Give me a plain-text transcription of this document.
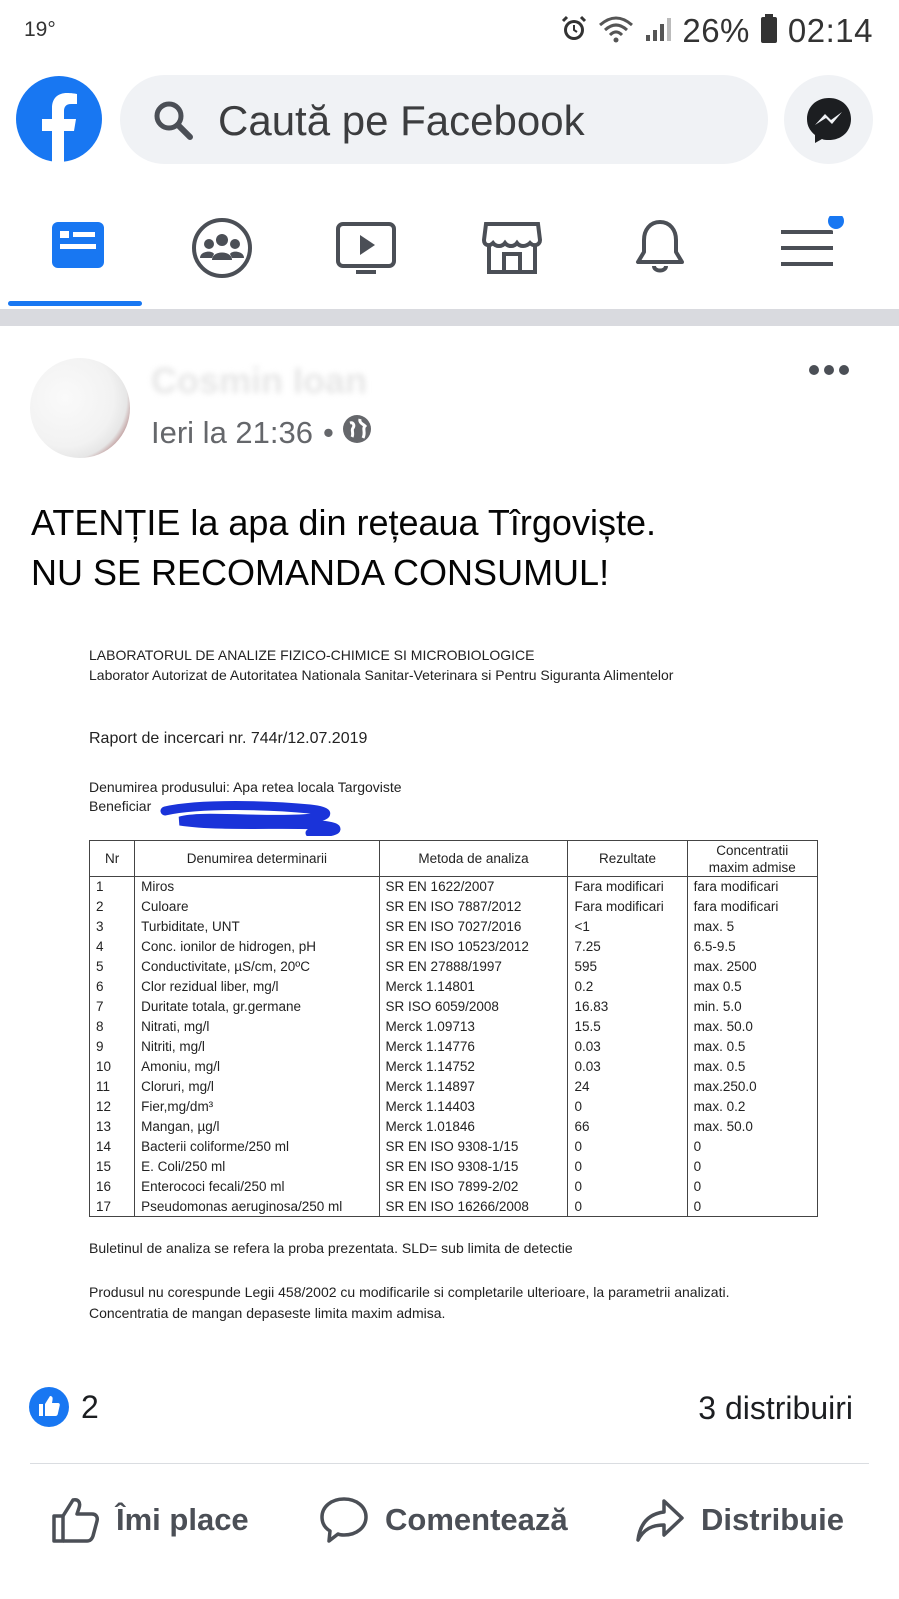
19°	26% 02:14
Caută pe Facebook
Cosmin Ioan
Ieri la 21:36 •
ATENȚIE la apa din rețeaua Tîrgoviște.
NU SE RECOMANDA CONSUMUL!
LABORATORUL DE ANALIZE FIZICO-CHIMICE SI MICROBIOLOGICE
Laborator Autorizat de Autoritatea Nationala Sanitar-Veterinara si Pentru Siguranta Alimentelor
Raport de incercari nr. 744r/12.07.2019
Denumirea produsului: Apa retea locala Targoviste
Beneficiar
Nr	Denumirea determinarii	Metoda de analiza	Rezultate	Concentratii
maxim admise

1	Miros	SR EN 1622/2007	Fara modificari	fara modificari
2	Culoare	SR EN ISO 7887/2012	Fara modificari	fara modificari
3	Turbiditate, UNT	SR EN ISO 7027/2016	<1	max. 5
4	Conc. ionilor de hidrogen, pH	SR EN ISO 10523/2012	7.25	6.5-9.5
5	Conductivitate, µS/cm, 20ºC	SR EN 27888/1997	595	max. 2500
6	Clor rezidual liber, mg/l	Merck 1.14801	0.2	max 0.5
7	Duritate totala, gr.germane	SR ISO 6059/2008	16.83	min. 5.0
8	Nitrati, mg/l	Merck 1.09713	15.5	max. 50.0
9	Nitriti, mg/l	Merck 1.14776	0.03	max. 0.5
10	Amoniu, mg/l	Merck 1.14752	0.03	max. 0.5
11	Cloruri, mg/l	Merck 1.14897	24	max.250.0
12	Fier,mg/dm³	Merck 1.14403	0	max. 0.2
13	Mangan, µg/l	Merck 1.01846	66	max. 50.0
14	Bacterii coliforme/250 ml	SR EN ISO 9308-1/15	0	0
15	E. Coli/250 ml	SR EN ISO 9308-1/15	0	0
16	Enterococi fecali/250 ml	SR EN ISO 7899-2/02	0	0
17	Pseudomonas aeruginosa/250 ml	SR EN ISO 16266/2008	0	0
Buletinul de analiza se refera la proba prezentata. SLD= sub limita de detectie
Produsul nu corespunde Legii 458/2002 cu modificarile si completarile ulterioare, la parametrii analizati.
Concentratia de mangan depaseste limita maxim admisa.
2	3 distribuiri
Îmi place	Comentează	Distribuie
